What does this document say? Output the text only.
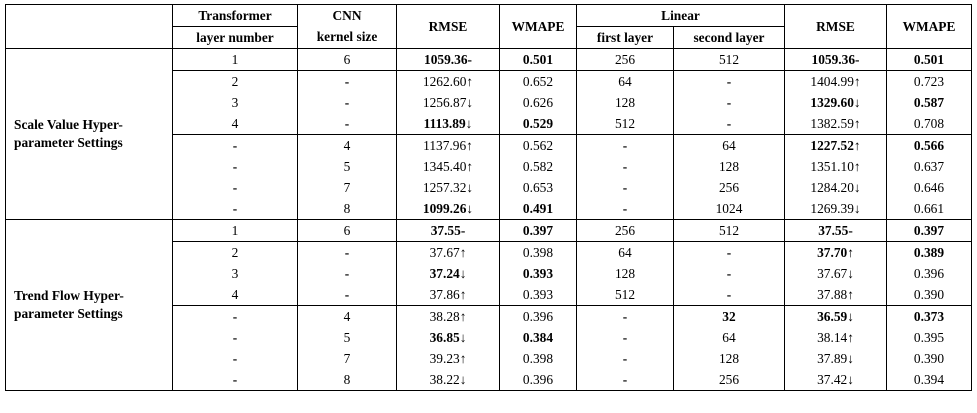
	Transformer	CNN	RMSE	WMAPE	Linear		RMSE	WMAPE
	layer number	kernel size			first layer	second layer		

Scale Value Hyper-
parameter Settings	1	6	1059.36-	0.501	256	512	1059.36-	0.501
	2	-	1262.60↑	0.652	64	-	1404.99↑	0.723
	3	-	1256.87↓	0.626	128	-	1329.60↓	0.587
	4	-	1113.89↓	0.529	512	-	1382.59↑	0.708
	-	4	1137.96↑	0.562	-	64	1227.52↑	0.566
	-	5	1345.40↑	0.582	-	128	1351.10↑	0.637
	-	7	1257.32↓	0.653	-	256	1284.20↓	0.646
	-	8	1099.26↓	0.491	-	1024	1269.39↓	0.661

Trend Flow Hyper-
parameter Settings	1	6	37.55-	0.397	256	512	37.55-	0.397
	2	-	37.67↑	0.398	64	-	37.70↑	0.389
	3	-	37.24↓	0.393	128	-	37.67↓	0.396
	4	-	37.86↑	0.393	512	-	37.88↑	0.390
	-	4	38.28↑	0.396	-	32	36.59↓	0.373
	-	5	36.85↓	0.384	-	64	38.14↑	0.395
	-	7	39.23↑	0.398	-	128	37.89↓	0.390
	-	8	38.22↓	0.396	-	256	37.42↓	0.394
